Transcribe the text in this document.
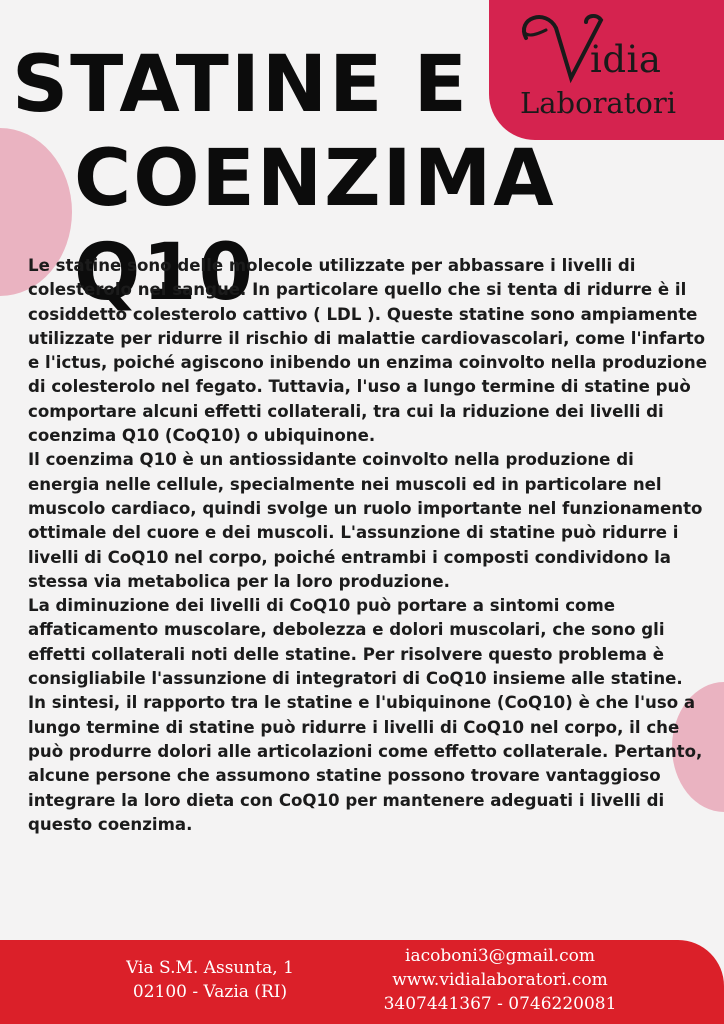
idia
Laboratori
STATINE E
COENZIMA Q10

Le statine sono delle molecole utilizzate per abbassare i livelli di colesterolo nel sangue. In particolare quello che si tenta di ridurre è il cosiddetto colesterolo cattivo ( LDL ). Queste statine sono ampiamente utilizzate per ridurre il rischio di malattie cardiovascolari, come l'infarto e l'ictus, poiché agiscono inibendo un enzima coinvolto nella produzione di colesterolo nel fegato. Tuttavia, l'uso a lungo termine di statine può comportare alcuni effetti collaterali, tra cui la riduzione dei livelli di coenzima Q10 (CoQ10) o ubiquinone.

Il coenzima Q10 è un antiossidante coinvolto nella produzione di energia nelle cellule, specialmente nei muscoli ed in particolare nel muscolo cardiaco, quindi svolge un ruolo importante nel funzionamento ottimale del cuore e dei muscoli. L'assunzione di statine può ridurre i livelli di CoQ10 nel corpo, poiché entrambi i composti condividono la stessa via metabolica per la loro produzione.

La diminuzione dei livelli di CoQ10 può portare a sintomi come affaticamento muscolare, debolezza e dolori muscolari, che sono gli effetti collaterali noti delle statine. Per risolvere questo problema è consigliabile l'assunzione di integratori di CoQ10 insieme alle statine.

In sintesi, il rapporto tra le statine e l'ubiquinone (CoQ10) è che l'uso a lungo termine di statine può ridurre i livelli di CoQ10 nel corpo, il che può produrre dolori alle articolazioni come effetto collaterale. Pertanto, alcune persone che assumono statine possono trovare vantaggioso integrare la loro dieta con CoQ10 per mantenere adeguati i livelli di questo coenzima.

Via S.M. Assunta, 1
02100 - Vazia (RI)
iacoboni3@gmail.com
www.vidialaboratori.com
3407441367 - 0746220081
